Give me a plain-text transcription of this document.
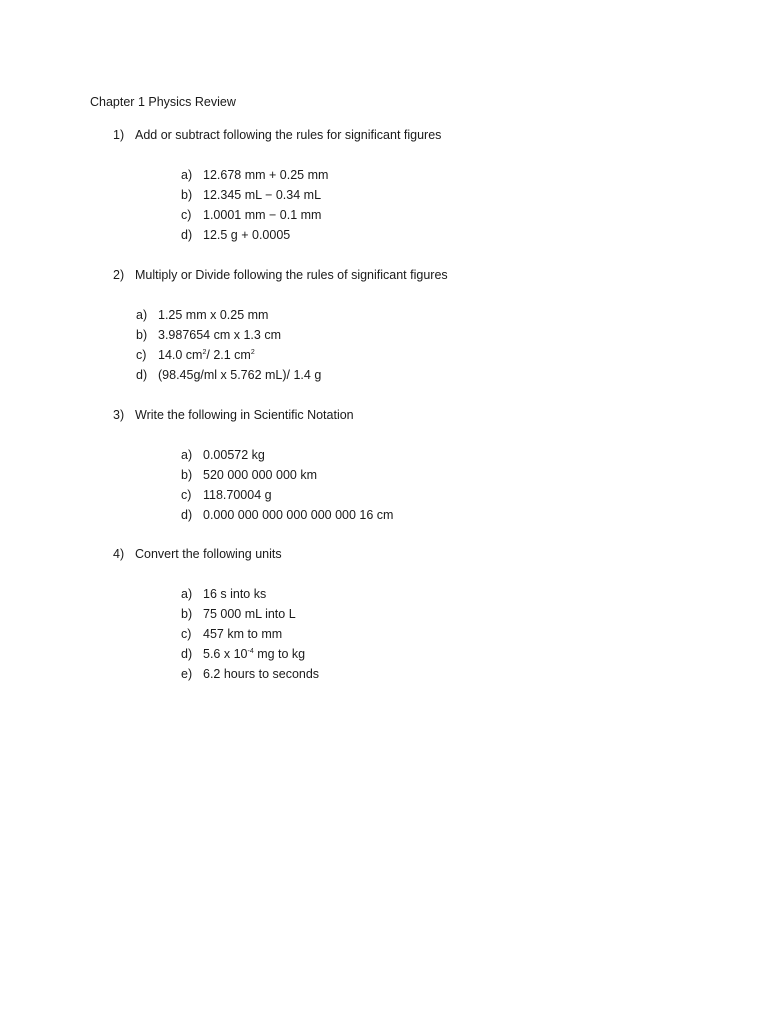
Chapter 1 Physics Review
1) Add or subtract following the rules for significant figures
a) 12.678 mm + 0.25 mm
b) 12.345 mL − 0.34 mL
c) 1.0001 mm − 0.1 mm
d) 12.5 g + 0.0005
2) Multiply or Divide following the rules of significant figures
a) 1.25 mm x 0.25 mm
b) 3.987654 cm x 1.3 cm
c) 14.0 $cm^2/$ 2.1 $cm^2$
d) (98.45g/ml x 5.762 mL)/ 1.4 g
3) Write the following in Scientific Notation
a) 0.00572 kg
b) 520 000 000 000 km
c) 118.70004 g
d) 0.000 000 000 000 000 000 16 cm
4) Convert the following units
a) 16 s into ks
b) 75 000 mL into L
c) 457 km to mm
d) 5.6 x $10^{-4}$ mg to kg
e) 6.2 hours to seconds
